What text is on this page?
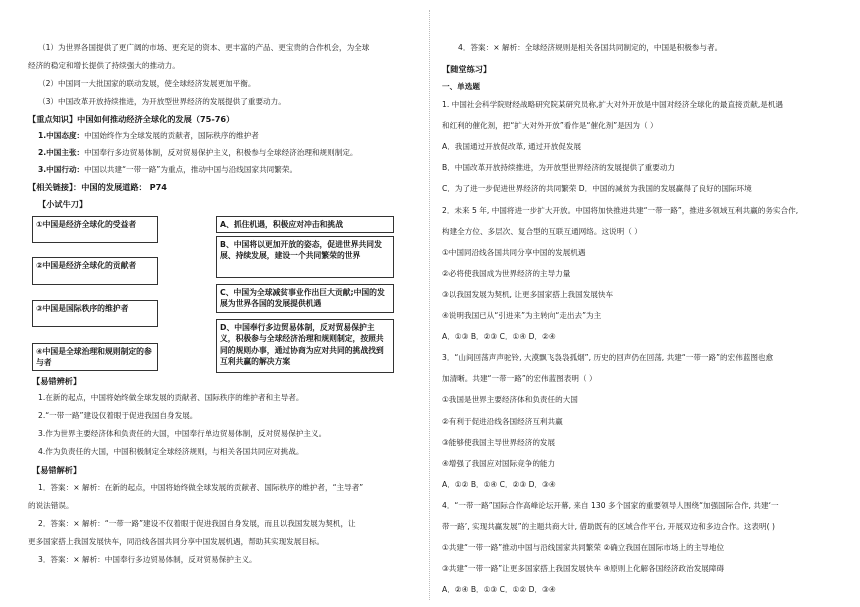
（1）为世界各国提供了更广阔的市场、更充足的资本、更丰富的产品、更宝贵的合作机会，为全球
经济的稳定和增长提供了持续强大的推动力。
（2）中国同一大批国家的联动发展，使全球经济发展更加平衡。
（3）中国改革开放持续推进，为开放型世界经济的发展提供了重要动力。
【重点知识】中国如何推动经济全球化的发展（75-76）
1.中国态度：中国始终作为全球发展的贡献者，国际秩序的维护者
2.中国主张：中国奉行多边贸易体制，反对贸易保护主义，积极参与全球经济治理和规则制定。
3.中国行动：中国以共建“一带一路”为重点，推动中国与沿线国家共同繁荣。
【相关链接】：中国的发展道路： P74
【小试牛刀】
①中国是经济全球化的受益者
②中国是经济全球化的贡献者
③中国是国际秩序的维护者
④中国是全球治理和规则制定的参与者
A、抓住机遇，积极应对冲击和挑战
B、中国将以更加开放的姿态，促进世界共同发展、持续发展，建设一个共同繁荣的世界
C、中国为全球减贫事业作出巨大贡献;中国的发展为世界各国的发展提供机遇
D、中国奉行多边贸易体制，反对贸易保护主义，积极参与全球经济治理和规则制定，按照共同的规则办事，通过协商为应对共同的挑战找到互利共赢的解决方案
【易错辨析】
1.在新的起点，中国将始终做全球发展的贡献者、国际秩序的维护者和主导者。
2.“一带一路”建设仅着眼于促进我国自身发展。
3.作为世界主要经济体和负责任的大国，中国奉行单边贸易体制，反对贸易保护主义。
4.作为负责任的大国，中国积极制定全球经济规则，与相关各国共同应对挑战。
【易错解析】
1．答案：× 解析：在新的起点，中国将始终做全球发展的贡献者、国际秩序的维护者，“主导者”
的说法错误。
2．答案：× 解析：“一带一路”建设不仅着眼于促进我国自身发展，而且以我国发展为契机，让
更多国家搭上我国发展快车，同沿线各国共同分享中国发展机遇，帮助其实现发展目标。
3．答案：× 解析：中国奉行多边贸易体制，反对贸易保护主义。
4．答案：× 解析：全球经济规则是相关各国共同制定的，中国是积极参与者。
【随堂练习】
一、单选题
1. 中国社会科学院财经战略研究院某研究员称,扩大对外开放是中国对经济全球化的最直接贡献,是机遇
和红利的催化剂，把“扩大对外开放”看作是“催化剂”是因为（ ）
A．我国通过开放促改革, 通过开放促发展
B．中国改革开放持续推进，为开放型世界经济的发展提供了重要动力
C．为了进一步促进世界经济的共同繁荣 D．中国的减贫为我国的发展赢得了良好的国际环境
2．未来 5 年, 中国将进一步扩大开放。中国将加快推进共建“一带一路”，推进多领域互利共赢的务实合作,
构建全方位、多层次、复合型的互联互通网络。这说明（ ）
①中国同沿线各国共同分享中国的发展机遇
②必将使我国成为世界经济的主导力量
③以我国发展为契机, 让更多国家搭上我国发展快车
④说明我国已从“引进来”为主转向“走出去”为主
A．①③ B．②③ C．①④ D．②④
3．“山间回荡声声驼铃, 大漠飘飞袅袅孤烟”, 历史的回声仍在回荡, 共建“一带一路”的宏伟蓝图也愈
加清晰。共建“一带一路”的宏伟蓝图表明（ ）
①我国是世界主要经济体和负责任的大国
②有利于促进沿线各国经济互利共赢
③能够使我国主导世界经济的发展
④增强了我国应对国际竞争的能力
A．①② B．①④ C．②③ D．③④
4．“一带一路”国际合作高峰论坛开幕, 来自 130 多个国家的重要领导人围绕“加强国际合作, 共建‘一
带一路’, 实现共赢发展”的主题共商大计, 借助既有的区域合作平台, 开展双边和多边合作。这表明( )
①共建“一带一路”推动中国与沿线国家共同繁荣 ②确立我国在国际市场上的主导地位
③共建“一带一路”让更多国家搭上我国发展快车 ④原则上化解各国经济政治发展障碍
A．②④ B．①③ C．①② D．③④
